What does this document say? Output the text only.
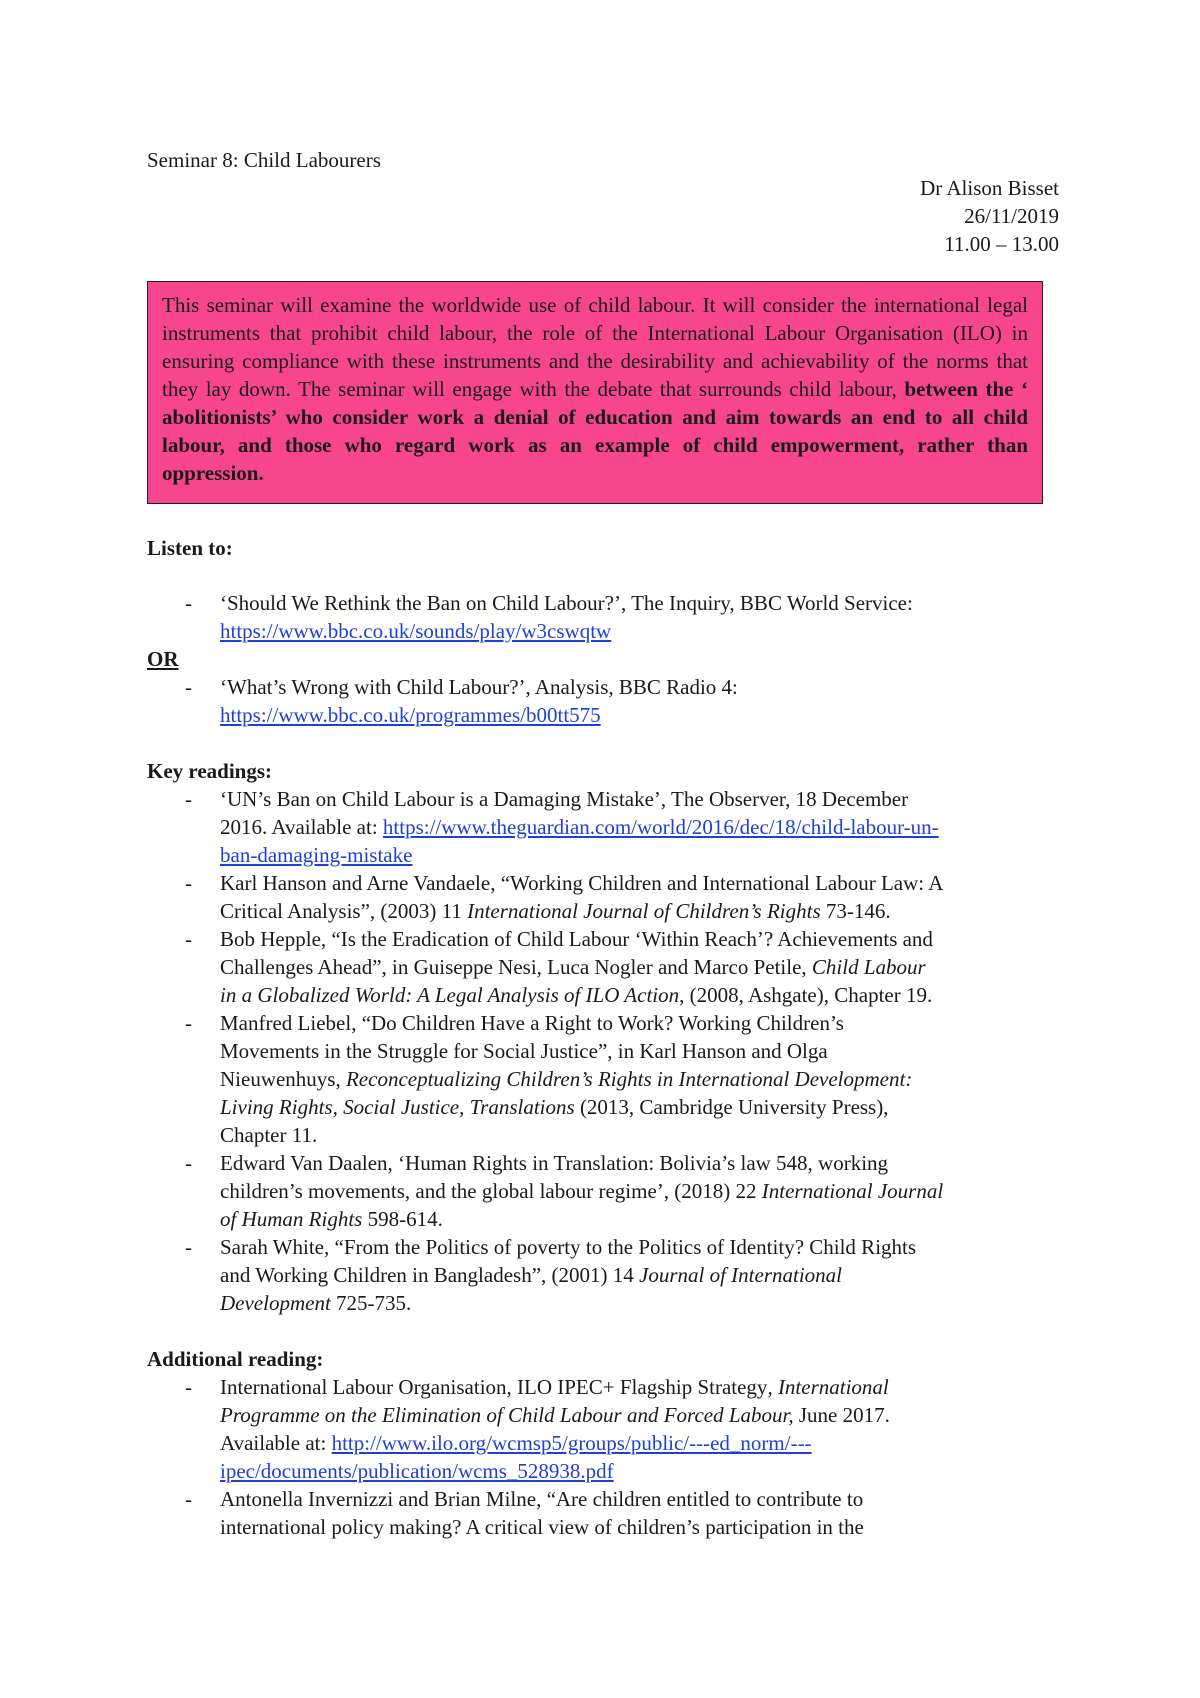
Seminar 8: Child Labourers
Dr Alison Bisset
26/11/2019
11.00 – 13.00
This seminar will examine the worldwide use of child labour. It will consider the international legal instruments that prohibit child labour, the role of the International Labour Organisation (ILO) in ensuring compliance with these instruments and the desirability and achievability of the norms that they lay down. The seminar will engage with the debate that surrounds child labour, between the ‘ abolitionists’ who consider work a denial of education and aim towards an end to all child labour, and those who regard work as an example of child empowerment, rather than oppression.
Listen to:
- ‘Should We Rethink the Ban on Child Labour?’, The Inquiry, BBC World Service:
https://www.bbc.co.uk/sounds/play/w3cswqtw
OR
- ‘What’s Wrong with Child Labour?’, Analysis, BBC Radio 4:
https://www.bbc.co.uk/programmes/b00tt575
Key readings:
- ‘UN’s Ban on Child Labour is a Damaging Mistake’, The Observer, 18 December
2016. Available at: https://www.theguardian.com/world/2016/dec/18/child-labour-un-
ban-damaging-mistake
- Karl Hanson and Arne Vandaele, “Working Children and International Labour Law: A
Critical Analysis”, (2003) 11 International Journal of Children’s Rights 73-146.
- Bob Hepple, “Is the Eradication of Child Labour ‘Within Reach’? Achievements and
Challenges Ahead”, in Guiseppe Nesi, Luca Nogler and Marco Petile, Child Labour
in a Globalized World: A Legal Analysis of ILO Action, (2008, Ashgate), Chapter 19.
- Manfred Liebel, “Do Children Have a Right to Work? Working Children’s
Movements in the Struggle for Social Justice”, in Karl Hanson and Olga
Nieuwenhuys, Reconceptualizing Children’s Rights in International Development:
Living Rights, Social Justice, Translations (2013, Cambridge University Press),
Chapter 11.
- Edward Van Daalen, ‘Human Rights in Translation: Bolivia’s law 548, working
children’s movements, and the global labour regime’, (2018) 22 International Journal
of Human Rights 598-614.
- Sarah White, “From the Politics of poverty to the Politics of Identity? Child Rights
and Working Children in Bangladesh”, (2001) 14 Journal of International
Development 725-735.
Additional reading:
- International Labour Organisation, ILO IPEC+ Flagship Strategy, International
Programme on the Elimination of Child Labour and Forced Labour, June 2017.
Available at: http://www.ilo.org/wcmsp5/groups/public/---ed_norm/---
ipec/documents/publication/wcms_528938.pdf
- Antonella Invernizzi and Brian Milne, “Are children entitled to contribute to
international policy making? A critical view of children’s participation in the
